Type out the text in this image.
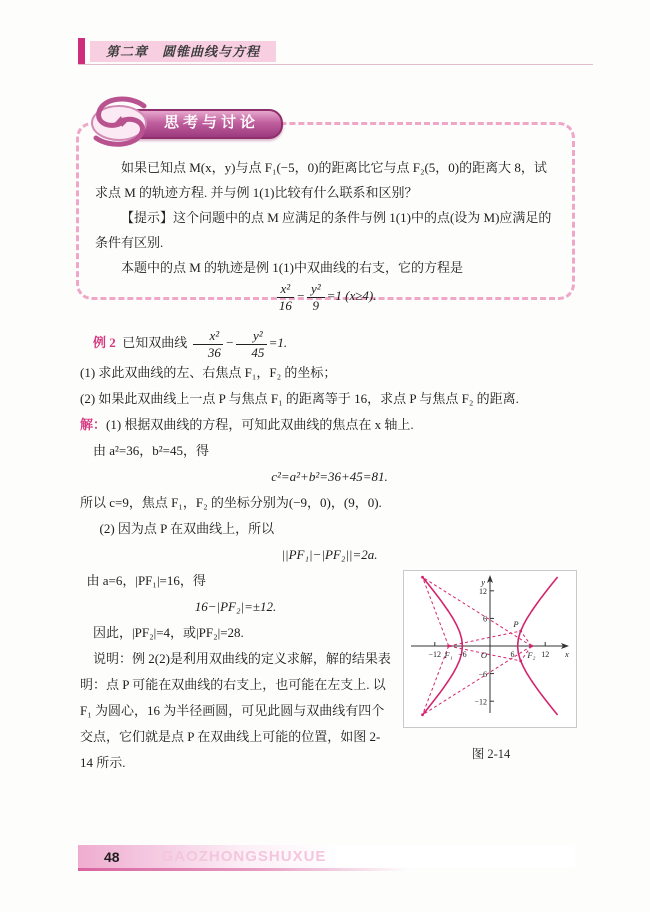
第二章　圆锥曲线与方程
思考与讨论

如果已知点 M(x，y)与点 F₁(−5，0)的距离比它与点 F₂(5，0)的距离大 8，试求点 M 的轨迹方程. 并与例 1(1)比较有什么联系和区别？

【提示】这个问题中的点 M 应满足的条件与例 1(1)中的点(设为 M)应满足的条件有区别.

本题中的点 M 的轨迹是例 1(1)中双曲线的右支，它的方程是

$\frac{\text{x²}}{16} - \frac{\text{y²}}{9} =1$ (x≥4).

例 2 已知双曲线 $\frac{\text{x²}}{36} - \frac{\text{y²}}{45} =1$.

(1) 求此双曲线的左、右焦点 F₁，F₂ 的坐标；

(2) 如果此双曲线上一点 P 与焦点 F₁ 的距离等于 16，求点 P 与焦点 F₂ 的距离.

解：(1) 根据双曲线的方程，可知此双曲线的焦点在 x 轴上.

由 a²=36，b²=45，得

c²=a²+b²=36+45=81.

所以 c=9，焦点 F₁，F₂ 的坐标分别为(−9，0)，(9，0).

(2) 因为点 P 在双曲线上，所以

||PF₁|−|PF₂||=2a.

y
x
O
−12 F₁ −6	6 F₂ 12
12
6
−6
−12
P
图 2-14

由 a=6，|PF₁|=16，得

16−|PF₂|=±12.

因此，|PF₂|=4，或|PF₂|=28.

说明：例 2(2)是利用双曲线的定义求解，解的结果表明：点 P 可能在双曲线的右支上，也可能在左支上. 以 F₁ 为圆心，16 为半径画圆，可见此圆与双曲线有四个交点，它们就是点 P 在双曲线上可能的位置，如图 2-14 所示.

48	GAOZHONGSHUXUE
